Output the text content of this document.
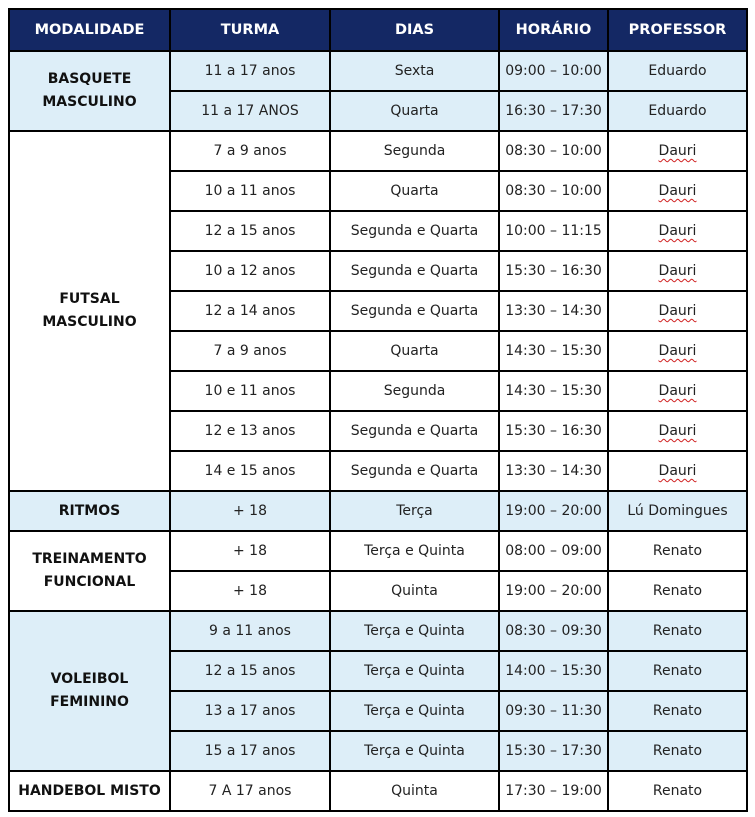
MODALIDADE	TURMA	DIAS	HORÁRIO	PROFESSOR
BASQUETE
MASCULINO	11 a 17 anos	Sexta	09:00 – 10:00	Eduardo
	11 a 17 ANOS	Quarta	16:30 – 17:30	Eduardo
FUTSAL
MASCULINO	7 a 9 anos	Segunda	08:30 – 10:00	Dauri
	10 a 11 anos	Quarta	08:30 – 10:00	Dauri
	12 a 15 anos	Segunda e Quarta	10:00 – 11:15	Dauri
	10 a 12 anos	Segunda e Quarta	15:30 – 16:30	Dauri
	12 a 14 anos	Segunda e Quarta	13:30 – 14:30	Dauri
	7 a 9 anos	Quarta	14:30 – 15:30	Dauri
	10 e 11 anos	Segunda	14:30 – 15:30	Dauri
	12 e 13 anos	Segunda e Quarta	15:30 – 16:30	Dauri
	14 e 15 anos	Segunda e Quarta	13:30 – 14:30	Dauri
RITMOS	+ 18	Terça	19:00 – 20:00	Lú Domingues
TREINAMENTO
FUNCIONAL	+ 18	Terça e Quinta	08:00 – 09:00	Renato
	+ 18	Quinta	19:00 – 20:00	Renato
VOLEIBOL
FEMININO	9 a 11 anos	Terça e Quinta	08:30 – 09:30	Renato
	12 a 15 anos	Terça e Quinta	14:00 – 15:30	Renato
	13 a 17 anos	Terça e Quinta	09:30 – 11:30	Renato
	15 a 17 anos	Terça e Quinta	15:30 – 17:30	Renato
HANDEBOL MISTO	7 A 17 anos	Quinta	17:30 – 19:00	Renato
